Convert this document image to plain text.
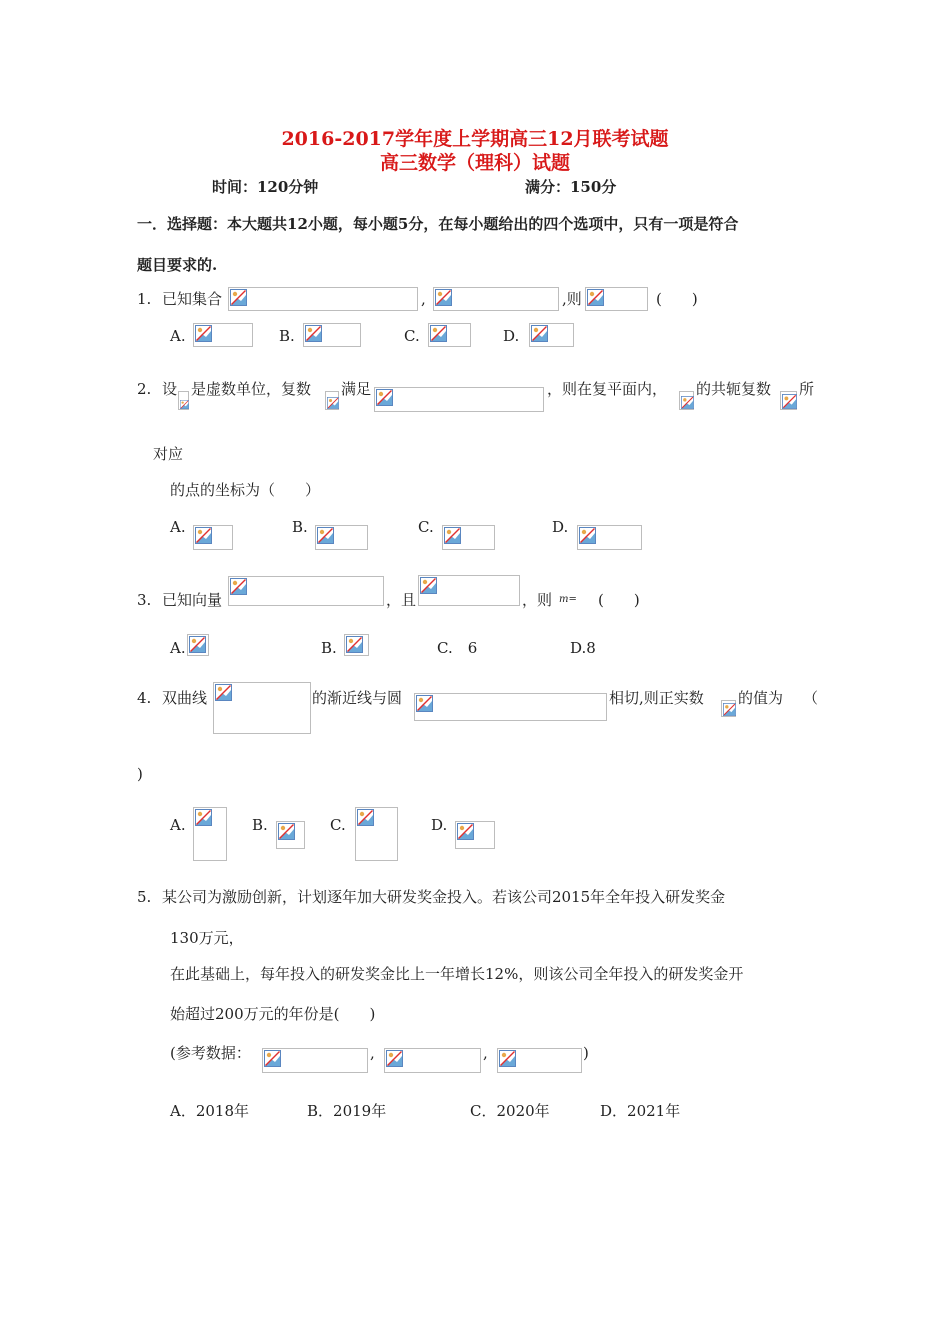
2016-2017学年度上学期高三12月联考试题
高三数学（理科）试题
时间：120分钟	满分：150分
一．选择题：本大题共12小题，每小题5分，在每小题给出的四个选项中，只有一项是符合
题目要求的.
1. 已知集合	,	,则	(　　)
A.	B.	C.	D.
2. 设 是虚数单位，复数 满足	，则在复平面内， 的共轭复数 所
对应
的点的坐标为（　　）
A.	B.	C.	D.
3. 已知向量	，且	，则 m= (　　)
A.	B.	C.　6	D.8
4. 双曲线	的渐近线与圆	相切,则正实数 的值为 （
)
A.	B.	C.	D.
5. 某公司为激励创新，计划逐年加大研发奖金投入。若该公司2015年全年投入研发奖金
130万元，
在此基础上，每年投入的研发奖金比上一年增长12%，则该公司全年投入的研发奖金开
始超过200万元的年份是(　　)
(参考数据：	,	,	)
A．2018年	B．2019年	C．2020年	D．2021年
